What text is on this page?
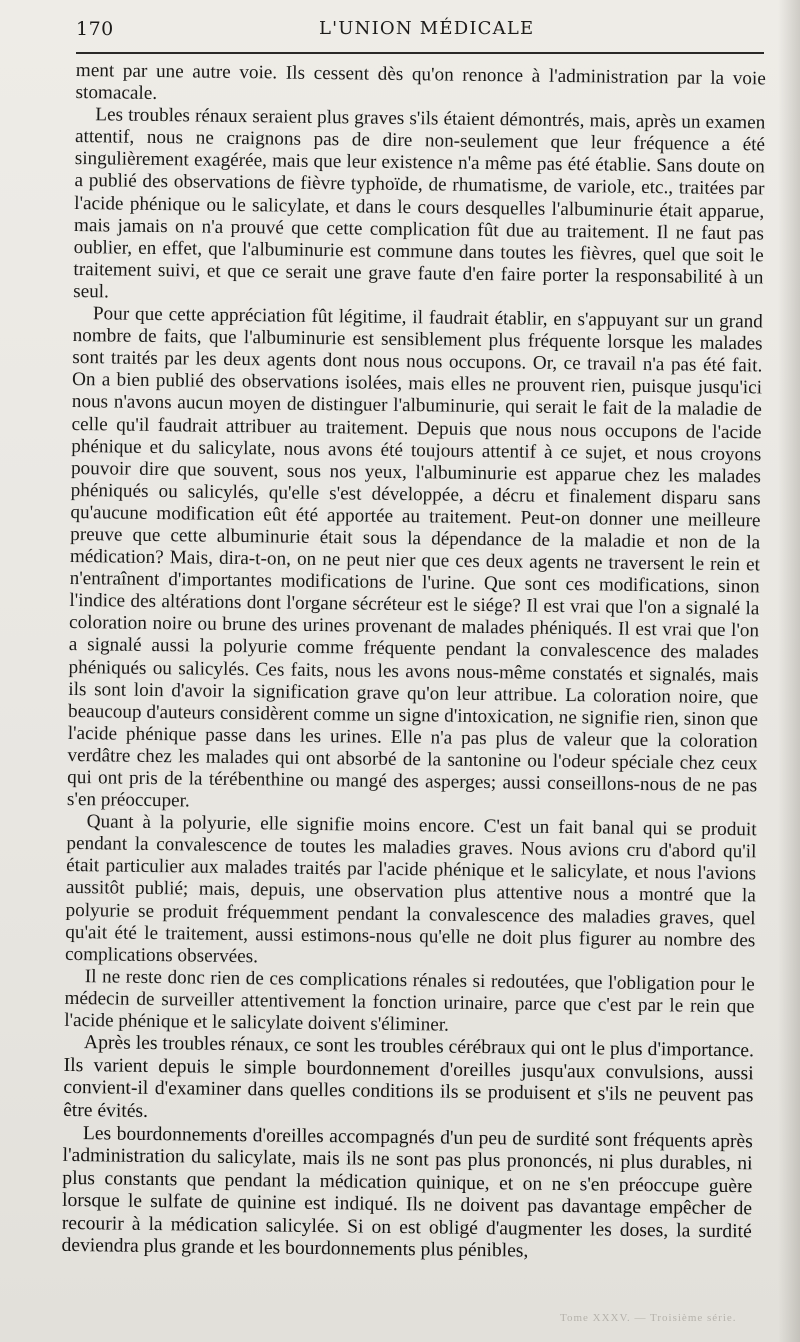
170	L'UNION MÉDICALE

ment par une autre voie. Ils cessent dès qu'on renonce à l'administration par la voie stomacale.

Les troubles rénaux seraient plus graves s'ils étaient démontrés, mais, après un examen attentif, nous ne craignons pas de dire non-seulement que leur fréquence a été singulièrement exagérée, mais que leur existence n'a même pas été établie. Sans doute on a publié des observations de fièvre typhoïde, de rhumatisme, de variole, etc., traitées par l'acide phénique ou le salicylate, et dans le cours desquelles l'albuminurie était apparue, mais jamais on n'a prouvé que cette complication fût due au traitement. Il ne faut pas oublier, en effet, que l'albuminurie est commune dans toutes les fièvres, quel que soit le traitement suivi, et que ce serait une grave faute d'en faire porter la responsabilité à un seul.

Pour que cette appréciation fût légitime, il faudrait établir, en s'appuyant sur un grand nombre de faits, que l'albuminurie est sensiblement plus fréquente lorsque les malades sont traités par les deux agents dont nous nous occupons. Or, ce travail n'a pas été fait. On a bien publié des observations isolées, mais elles ne prouvent rien, puisque jusqu'ici nous n'avons aucun moyen de distinguer l'albuminurie, qui serait le fait de la maladie de celle qu'il faudrait attribuer au traitement. Depuis que nous nous occupons de l'acide phénique et du salicylate, nous avons été toujours attentif à ce sujet, et nous croyons pouvoir dire que souvent, sous nos yeux, l'albuminurie est apparue chez les malades phéniqués ou salicylés, qu'elle s'est développée, a décru et finalement disparu sans qu'aucune modification eût été apportée au traitement. Peut-on donner une meilleure preuve que cette albuminurie était sous la dépendance de la maladie et non de la médication? Mais, dira-t-on, on ne peut nier que ces deux agents ne traversent le rein et n'entraînent d'importantes modifications de l'urine. Que sont ces modifications, sinon l'indice des altérations dont l'organe sécréteur est le siége? Il est vrai que l'on a signalé la coloration noire ou brune des urines provenant de malades phéniqués. Il est vrai que l'on a signalé aussi la polyurie comme fréquente pendant la convalescence des malades phéniqués ou salicylés. Ces faits, nous les avons nous-même constatés et signalés, mais ils sont loin d'avoir la signification grave qu'on leur attribue. La coloration noire, que beaucoup d'auteurs considèrent comme un signe d'intoxication, ne signifie rien, sinon que l'acide phénique passe dans les urines. Elle n'a pas plus de valeur que la coloration verdâtre chez les malades qui ont absorbé de la santonine ou l'odeur spéciale chez ceux qui ont pris de la térébenthine ou mangé des asperges; aussi conseillons-nous de ne pas s'en préoccuper.

Quant à la polyurie, elle signifie moins encore. C'est un fait banal qui se produit pendant la convalescence de toutes les maladies graves. Nous avions cru d'abord qu'il était particulier aux malades traités par l'acide phénique et le salicylate, et nous l'avions aussitôt publié; mais, depuis, une observation plus attentive nous a montré que la polyurie se produit fréquemment pendant la convalescence des maladies graves, quel qu'ait été le traitement, aussi estimons-nous qu'elle ne doit plus figurer au nombre des complications observées.

Il ne reste donc rien de ces complications rénales si redoutées, que l'obligation pour le médecin de surveiller attentivement la fonction urinaire, parce que c'est par le rein que l'acide phénique et le salicylate doivent s'éliminer.

Après les troubles rénaux, ce sont les troubles cérébraux qui ont le plus d'importance. Ils varient depuis le simple bourdonnement d'oreilles jusqu'aux convulsions, aussi convient-il d'examiner dans quelles conditions ils se produisent et s'ils ne peuvent pas être évités.

Les bourdonnements d'oreilles accompagnés d'un peu de surdité sont fréquents après l'administration du salicylate, mais ils ne sont pas plus prononcés, ni plus durables, ni plus constants que pendant la médication quinique, et on ne s'en préoccupe guère lorsque le sulfate de quinine est indiqué. Ils ne doivent pas davantage empêcher de recourir à la médication salicylée. Si on est obligé d'augmenter les doses, la surdité deviendra plus grande et les bourdonnements plus pénibles,

Tome XXXV. — Troisième série.
